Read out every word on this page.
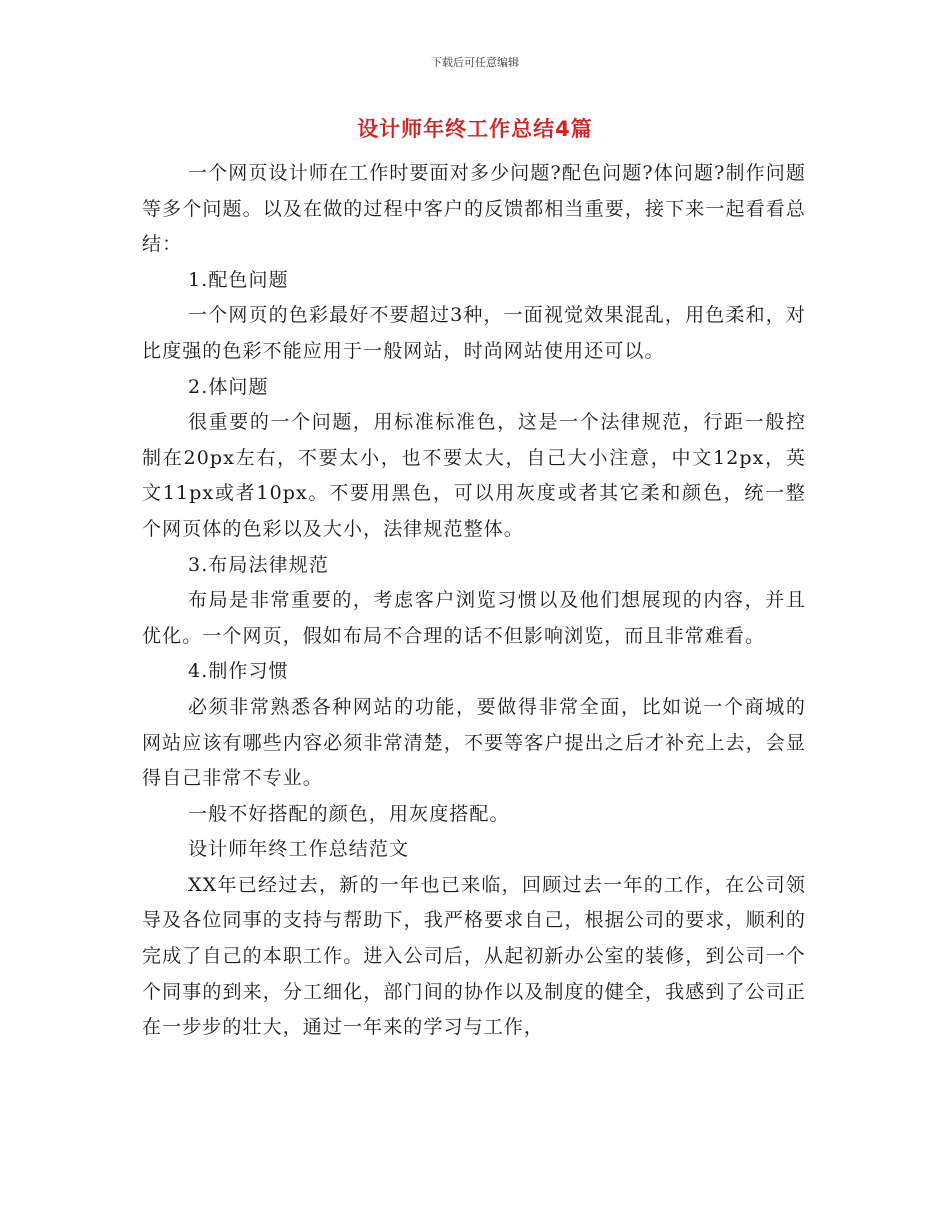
下载后可任意编辑
设计师年终工作总结4篇

一个网页设计师在工作时要面对多少问题?配色问题?体问题?制作问题等多个问题。以及在做的过程中客户的反馈都相当重要，接下来一起看看总结：

1.配色问题

一个网页的色彩最好不要超过3种，一面视觉效果混乱，用色柔和，对比度强的色彩不能应用于一般网站，时尚网站使用还可以。

2.体问题

很重要的一个问题，用标准标准色，这是一个法律规范，行距一般控制在20px左右，不要太小，也不要太大，自己大小注意，中文12px，英文11px或者10px。不要用黑色，可以用灰度或者其它柔和颜色，统一整个网页体的色彩以及大小，法律规范整体。

3.布局法律规范

布局是非常重要的，考虑客户浏览习惯以及他们想展现的内容，并且优化。一个网页，假如布局不合理的话不但影响浏览，而且非常难看。

4.制作习惯

必须非常熟悉各种网站的功能，要做得非常全面，比如说一个商城的网站应该有哪些内容必须非常清楚，不要等客户提出之后才补充上去，会显得自己非常不专业。

一般不好搭配的颜色，用灰度搭配。

设计师年终工作总结范文

XX年已经过去，新的一年也已来临，回顾过去一年的工作，在公司领导及各位同事的支持与帮助下，我严格要求自己，根据公司的要求，顺利的完成了自己的本职工作。进入公司后，从起初新办公室的装修，到公司一个个同事的到来，分工细化，部门间的协作以及制度的健全，我感到了公司正在一步步的壮大，通过一年来的学习与工作，
